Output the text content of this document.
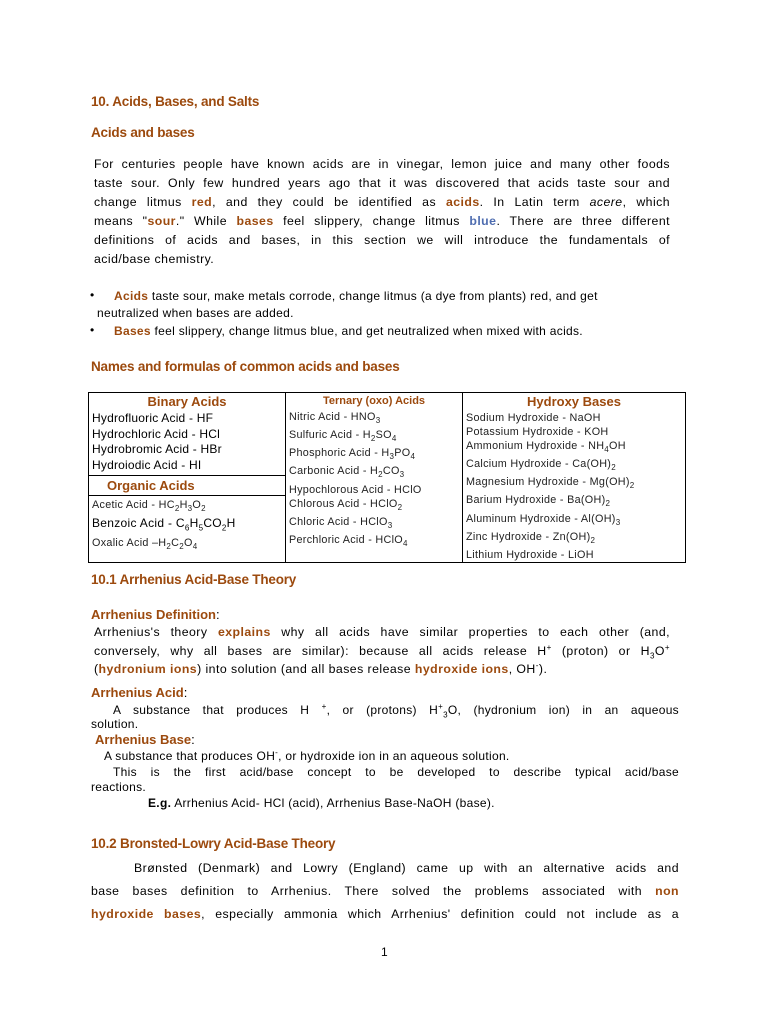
10. Acids, Bases, and Salts
Acids and bases
For centuries people have known acids are in vinegar, lemon juice and many other foods
taste sour. Only few hundred years ago that it was discovered that acids taste sour and
change litmus red, and they could be identified as acids. In Latin term acere, which
means "sour." While bases feel slippery, change litmus blue. There are three different
definitions of acids and bases, in this section we will introduce the fundamentals of
acid/base chemistry.
• Acids taste sour, make metals corrode, change litmus (a dye from plants) red, and get
neutralized when bases are added.
• Bases feel slippery, change litmus blue, and get neutralized when mixed with acids.
Names and formulas of common acids and bases
Binary Acids
Hydrofluoric Acid - HF
Hydrochloric Acid - HCl
Hydrobromic Acid - HBr
Hydroiodic Acid - HI
Organic Acids
Acetic Acid - $HC_2H_3O_2$
Benzoic Acid - $C_6H_5CO_2H$
Oxalic Acid $-H_2C_2O_4$

Ternary (oxo) Acids
Nitric Acid - $HNO_3$
Sulfuric Acid - $H_2SO_4$
Phosphoric Acid - $H_3PO_4$
Carbonic Acid - $H_2CO_3$
Hypochlorous Acid - HClO
Chlorous Acid - HClO$_2$
Chloric Acid - HClO$_3$
Perchloric Acid - HClO$_4$

Hydroxy Bases
Sodium Hydroxide - NaOH
Potassium Hydroxide - KOH
Ammonium Hydroxide - $NH_4OH$
Calcium Hydroxide - $Ca(OH)_2$
Magnesium Hydroxide - $Mg(OH)_2$
Barium Hydroxide - $Ba(OH)_2$
Aluminum Hydroxide - $Al(OH)_3$
Zinc Hydroxide - $Zn(OH)_2$
Lithium Hydroxide - LiOH
10.1 Arrhenius Acid-Base Theory
Arrhenius Definition:
Arrhenius's theory explains why all acids have similar properties to each other (and,
conversely, why all bases are similar): because all acids release H+ (proton) or $H_3O^+$
(hydronium ions) into solution (and all bases release hydroxide ions, OH-).
Arrhenius Acid:
A substance that produces H +, or (protons) $H^+_3O$, (hydronium ion) in an aqueous
solution.
Arrhenius Base:
A substance that produces OH-, or hydroxide ion in an aqueous solution.
This is the first acid/base concept to be developed to describe typical acid/base
reactions.
E.g. Arrhenius Acid- HCl (acid), Arrhenius Base-NaOH (base).
10.2 Bronsted-Lowry Acid-Base Theory
Brønsted (Denmark) and Lowry (England) came up with an alternative acids and
base bases definition to Arrhenius. There solved the problems associated with non
hydroxide bases, especially ammonia which Arrhenius' definition could not include as a
1
